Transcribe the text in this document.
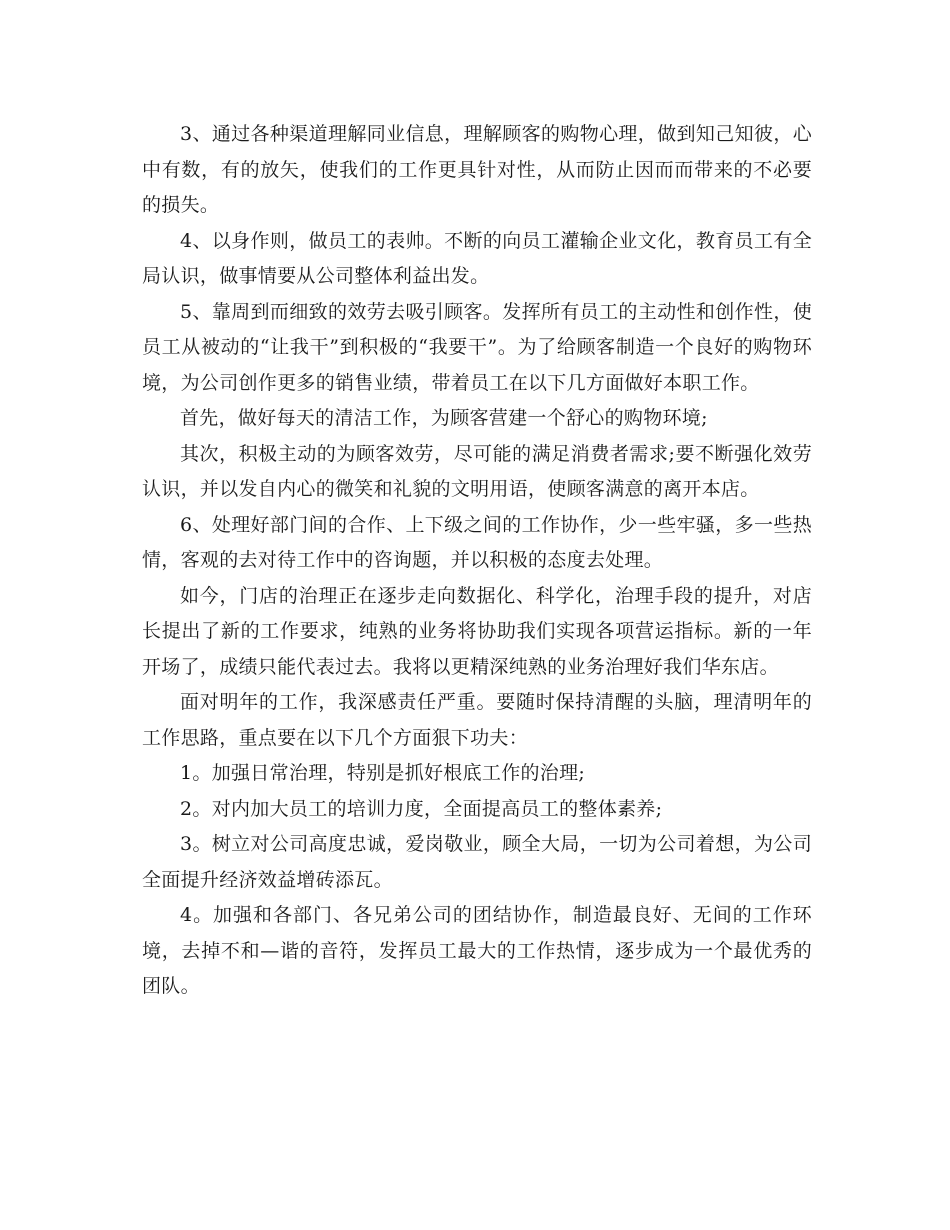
3、通过各种渠道理解同业信息，理解顾客的购物心理，做到知己知彼，心中有数，有的放矢，使我们的工作更具针对性，从而防止因而而带来的不必要的损失。

4、以身作则，做员工的表帅。不断的向员工灌输企业文化，教育员工有全局认识，做事情要从公司整体利益出发。

5、靠周到而细致的效劳去吸引顾客。发挥所有员工的主动性和创作性，使员工从被动的“让我干”到积极的“我要干”。为了给顾客制造一个良好的购物环境，为公司创作更多的销售业绩，带着员工在以下几方面做好本职工作。

首先，做好每天的清洁工作，为顾客营建一个舒心的购物环境;

其次，积极主动的为顾客效劳，尽可能的满足消费者需求;要不断强化效劳认识，并以发自内心的微笑和礼貌的文明用语，使顾客满意的离开本店。

6、处理好部门间的合作、上下级之间的工作协作，少一些牢骚，多一些热情，客观的去对待工作中的咨询题，并以积极的态度去处理。

如今，门店的治理正在逐步走向数据化、科学化，治理手段的提升，对店长提出了新的工作要求，纯熟的业务将协助我们实现各项营运指标。新的一年开场了，成绩只能代表过去。我将以更精深纯熟的业务治理好我们华东店。

面对明年的工作，我深感责任严重。要随时保持清醒的头脑，理清明年的工作思路，重点要在以下几个方面狠下功夫：

1。加强日常治理，特别是抓好根底工作的治理;

2。对内加大员工的培训力度，全面提高员工的整体素养;

3。树立对公司高度忠诚，爱岗敬业，顾全大局，一切为公司着想，为公司全面提升经济效益增砖添瓦。

4。加强和各部门、各兄弟公司的团结协作，制造最良好、无间的工作环境，去掉不和—谐的音符，发挥员工最大的工作热情，逐步成为一个最优秀的团队。
